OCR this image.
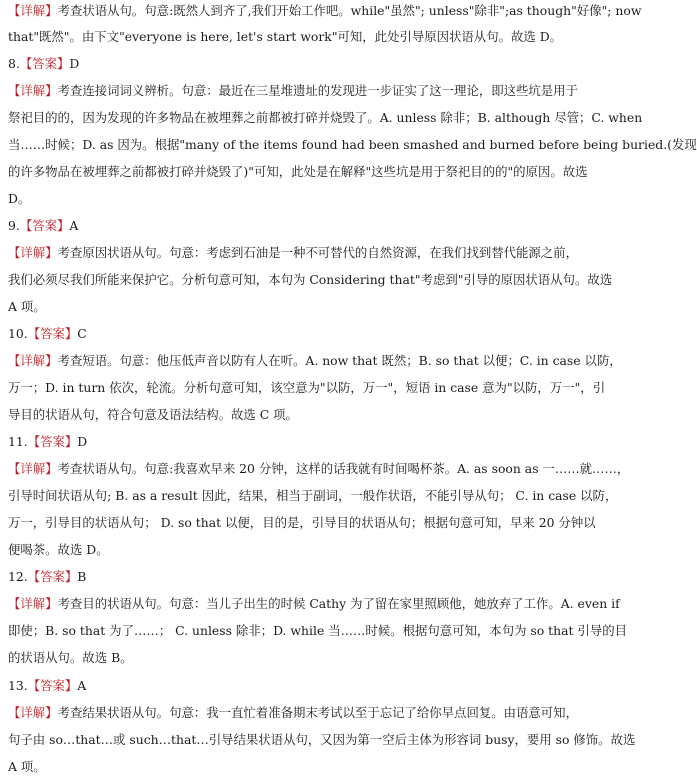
【详解】考查状语从句。句意:既然人到齐了,我们开始工作吧。while"虽然"; unless"除非";as though"好像"; now
that"既然"。由下文"everyone is here, let's start work"可知，此处引导原因状语从句。故选 D。
8.【答案】D
【详解】考查连接词词义辨析。句意：最近在三星堆遗址的发现进一步证实了这一理论，即这些坑是用于
祭祀目的的，因为发现的许多物品在被埋葬之前都被打碎并烧毁了。A. unless 除非；B. although 尽管；C. when
当……时候；D. as 因为。根据"many of the items found had been smashed and burned before being buried.(发现
的许多物品在被埋葬之前都被打碎并烧毁了)"可知，此处是在解释"这些坑是用于祭祀目的的"的原因。故选
D。
9.【答案】A
【详解】考查原因状语从句。句意：考虑到石油是一种不可替代的自然资源，在我们找到替代能源之前，
我们必须尽我们所能来保护它。分析句意可知，本句为 Considering that"考虑到"引导的原因状语从句。故选
A 项。
10.【答案】C
【详解】考查短语。句意：他压低声音以防有人在听。A. now that 既然；B. so that 以便；C. in case 以防，
万一；D. in turn 依次，轮流。分析句意可知，该空意为"以防，万一"，短语 in case 意为"以防，万一"，引
导目的状语从句，符合句意及语法结构。故选 C 项。
11.【答案】D
【详解】考查状语从句。句意:我喜欢早来 20 分钟，这样的话我就有时间喝杯茶。A. as soon as 一……就……，
引导时间状语从句; B. as a result 因此，结果，相当于副词，一般作状语，不能引导从句； C. in case 以防，
万一，引导目的状语从句； D. so that 以便，目的是，引导目的状语从句；根据句意可知，早来 20 分钟以
便喝茶。故选 D。
12.【答案】B
【详解】考查目的状语从句。句意：当儿子出生的时候 Cathy 为了留在家里照顾他，她放弃了工作。A. even if
即使；B. so that 为了……； C. unless 除非；D. while 当……时候。根据句意可知，本句为 so that 引导的目
的状语从句。故选 B。
13.【答案】A
【详解】考查结果状语从句。句意：我一直忙着准备期末考试以至于忘记了给你早点回复。由语意可知，
句子由 so…that…或 such…that…引导结果状语从句，又因为第一空后主体为形容词 busy，要用 so 修饰。故选
A 项。
